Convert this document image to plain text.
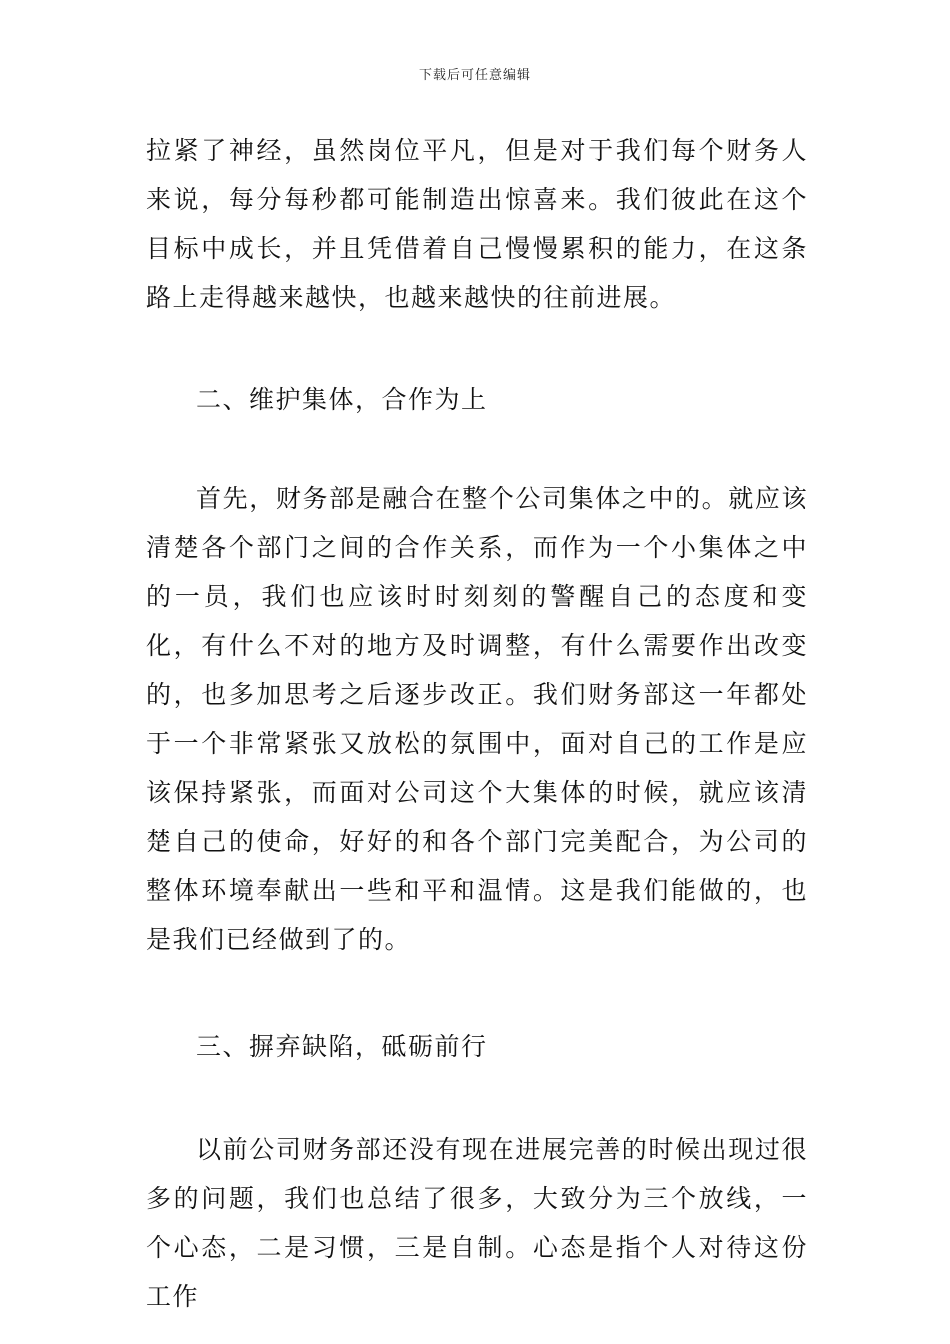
下载后可任意编辑

拉紧了神经，虽然岗位平凡，但是对于我们每个财务人来说，每分每秒都可能制造出惊喜来。我们彼此在这个目标中成长，并且凭借着自己慢慢累积的能力，在这条路上走得越来越快，也越来越快的往前进展。

二、维护集体，合作为上

首先，财务部是融合在整个公司集体之中的。就应该清楚各个部门之间的合作关系，而作为一个小集体之中的一员，我们也应该时时刻刻的警醒自己的态度和变化，有什么不对的地方及时调整，有什么需要作出改变的，也多加思考之后逐步改正。我们财务部这一年都处于一个非常紧张又放松的氛围中，面对自己的工作是应该保持紧张，而面对公司这个大集体的时候，就应该清楚自己的使命，好好的和各个部门完美配合，为公司的整体环境奉献出一些和平和温情。这是我们能做的，也是我们已经做到了的。

三、摒弃缺陷，砥砺前行

以前公司财务部还没有现在进展完善的时候出现过很多的问题，我们也总结了很多，大致分为三个放线，一个心态，二是习惯，三是自制。心态是指个人对待这份工作
